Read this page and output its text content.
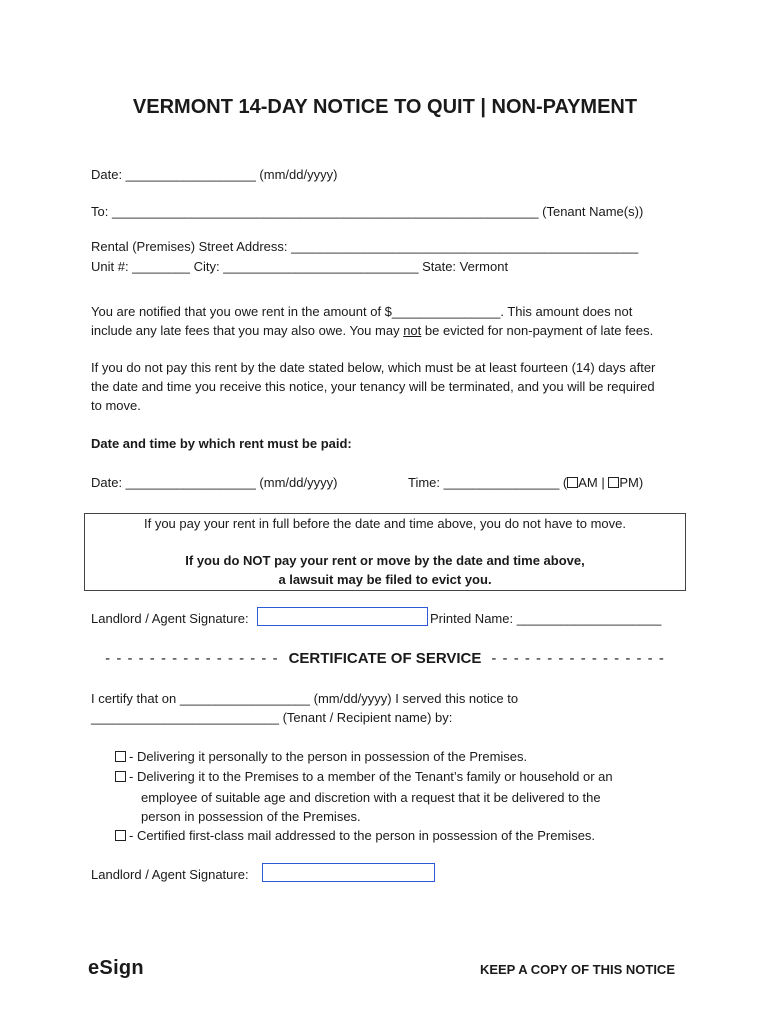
VERMONT 14-DAY NOTICE TO QUIT | NON-PAYMENT
Date: __________________ (mm/dd/yyyy)
To: ___________________________________________________________ (Tenant Name(s))
Rental (Premises) Street Address: ________________________________________________
Unit #: ________ City: ___________________________ State: Vermont
You are notified that you owe rent in the amount of $_______________. This amount does not
include any late fees that you may also owe. You may not be evicted for non-payment of late fees.
If you do not pay this rent by the date stated below, which must be at least fourteen (14) days after
the date and time you receive this notice, your tenancy will be terminated, and you will be required
to move.
Date and time by which rent must be paid:
Date: __________________ (mm/dd/yyyy)	Time: ________________ ( AM | PM)
If you pay your rent in full before the date and time above, you do not have to move.
If you do NOT pay your rent or move by the date and time above,
a lawsuit may be filed to evict you.
Landlord / Agent Signature:	Printed Name: ____________________
- - - - - - - - - - - - - - - - CERTIFICATE OF SERVICE - - - - - - - - - - - - - - - -
I certify that on __________________ (mm/dd/yyyy) I served this notice to
__________________________ (Tenant / Recipient name) by:
- Delivering it personally to the person in possession of the Premises.
- Delivering it to the Premises to a member of the Tenant’s family or household or an
employee of suitable age and discretion with a request that it be delivered to the
person in possession of the Premises.
- Certified first-class mail addressed to the person in possession of the Premises.
Landlord / Agent Signature:
eSign	KEEP A COPY OF THIS NOTICE
